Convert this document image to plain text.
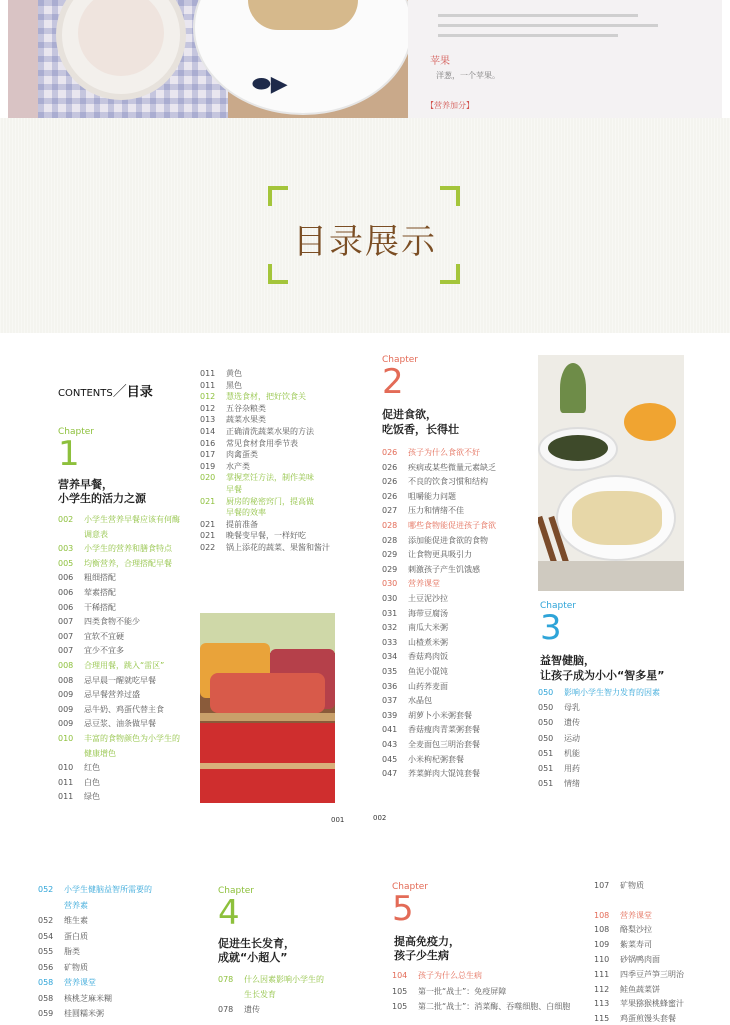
⬬▶
苹果
洋葱，一个苹果。
【营养加分】
目录展示
CONTENTS／目录
Chapter
1
营养早餐，
小学生的活力之源
002 小学生营养早餐应该有何酶
调意表
003 小学生的营养和膳食特点
005 均衡营养，合理搭配早餐
006 粗细搭配
006 荤素搭配
006 干稀搭配
007 四类食物不能少
007 宜软不宜硬
007 宜少不宜多
008 合理用餐，跳入“雷区”
008 忌早晨一醒就吃早餐
009 忌早餐营养过盛
009 忌牛奶、鸡蛋代替主食
009 忌豆浆、油条做早餐
010 丰富的食物颜色为小学生的
健康增色
010 红色
011 白色
011 绿色
011 黄色
011 黑色
012 慧选食材，把好饮食关
012 五谷杂粮类
013 蔬菜水果类
014 正确清洗蔬菜水果的方法
016 常见食材食用季节表
017 肉禽蛋类
019 水产类
020 掌握烹饪方法，制作美味
早餐
021 厨房的秘密窍门，提高做
早餐的效率
021 提前准备
021 晚餐变早餐，一样好吃
022 锅上添花的蔬菜、果酱和酱汁
Chapter
2
促进食欲，
吃饭香，长得壮
026 孩子为什么食欲不好
026 疾病或某些微量元素缺乏
026 不良的饮食习惯和结构
026 咀嚼能力问题
027 压力和情绪不佳
028 哪些食物能促进孩子食欲
028 添加能促进食欲的食物
029 让食物更具吸引力
029 刺激孩子产生饥饿感
030 营养课堂
030 土豆泥沙拉
031 海带豆腐汤
032 南瓜大米粥
033 山楂煮米粥
034 香菇鸡肉饭
035 鱼泥小馄饨
036 山药荞麦面
037 水晶包
039 胡萝卜小米粥套餐
041 香菇瘦肉青菜粥套餐
043 全麦面包三明治套餐
045 小米枸杞粥套餐
047 荞菜鲜肉大馄饨套餐
Chapter
3
益智健脑，
让孩子成为小小“智多星”
050 影响小学生智力发育的因素
050 母乳
050 遗传
050 运动
051 机能
051 用药
051 情绪
001	002
052 小学生健脑益智所需要的
营养素
052 维生素
054 蛋白质
055 脂类
056 矿物质
058 营养课堂
058 核桃芝麻米糊
059 桂圆糯米粥
Chapter
4
促进生长发育，
成就“小超人”
078 什么因素影响小学生的
生长发育
078 遗传
Chapter
5
提高免疫力，
孩子少生病
104 孩子为什么总生病
105 第一批“战士”：免疫屏障
105 第二批“战士”：消菜酶、吞噬细胞、白细胞
107 矿物质
108 营养课堂
108 酪梨沙拉
109 紫菜寿司
110 砂锅鸭肉面
111 四季豆芦笋三明治
112 鲑鱼蔬菜饼
113 苹果猕猴桃蜂蜜汁
115 鸡蛋煎馒头套餐
